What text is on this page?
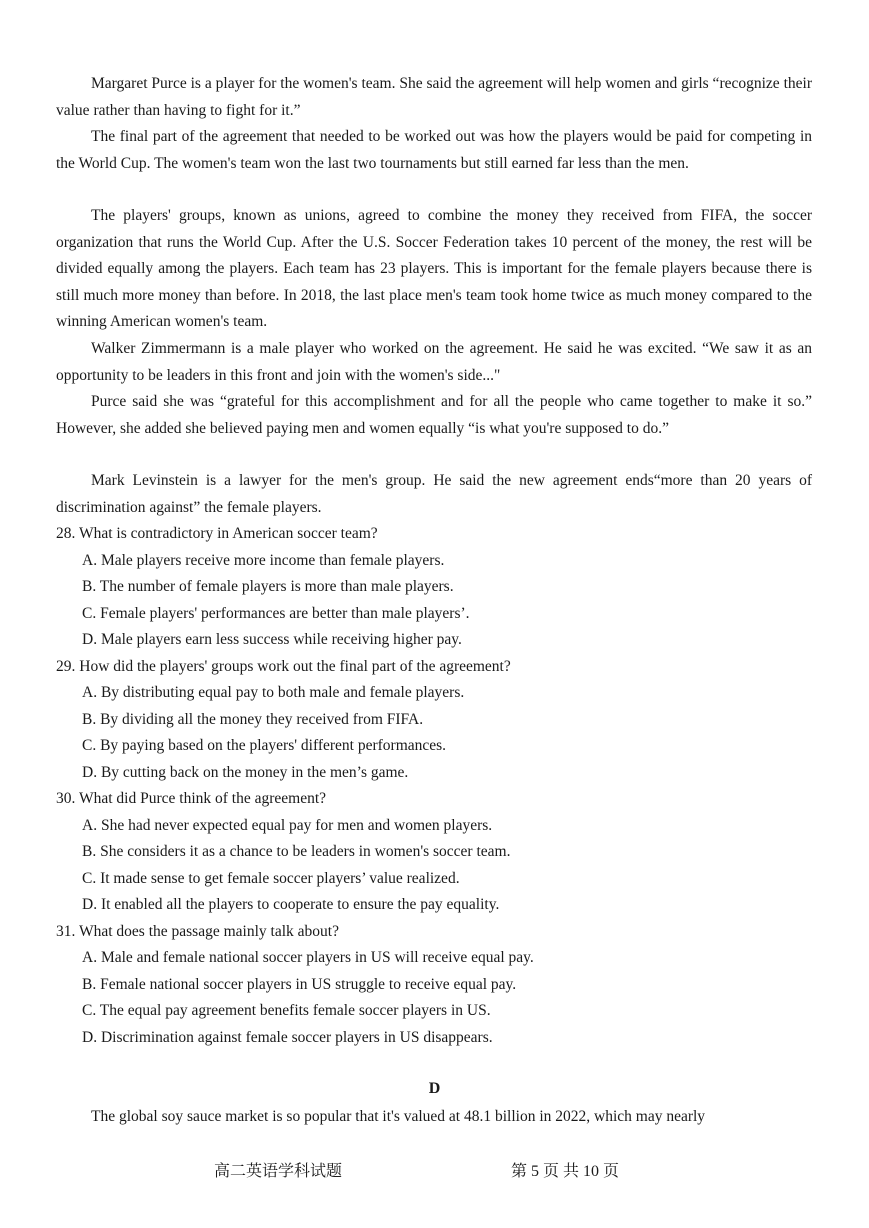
Margaret Purce is a player for the women's team. She said the agreement will help women and girls “recognize their value rather than having to fight for it.”

The final part of the agreement that needed to be worked out was how the players would be paid for competing in the World Cup. The women's team won the last two tournaments but still earned far less than the men.

The players' groups, known as unions, agreed to combine the money they received from FIFA, the soccer organization that runs the World Cup. After the U.S. Soccer Federation takes 10 percent of the money, the rest will be divided equally among the players. Each team has 23 players. This is important for the female players because there is still much more money than before. In 2018, the last place men's team took home twice as much money compared to the winning American women's team.

Walker Zimmermann is a male player who worked on the agreement. He said he was excited. “We saw it as an opportunity to be leaders in this front and join with the women's side..."

Purce said she was “grateful for this accomplishment and for all the people who came together to make it so.” However, she added she believed paying men and women equally “is what you're supposed to do.”

Mark Levinstein is a lawyer for the men's group. He said the new agreement ends“more than 20 years of discrimination against” the female players.

28. What is contradictory in American soccer team?
A. Male players receive more income than female players.
B. The number of female players is more than male players.
C. Female players' performances are better than male players’.
D. Male players earn less success while receiving higher pay.
29. How did the players' groups work out the final part of the agreement?
A. By distributing equal pay to both male and female players.
B. By dividing all the money they received from FIFA.
C. By paying based on the players' different performances.
D. By cutting back on the money in the men’s game.
30. What did Purce think of the agreement?
A. She had never expected equal pay for men and women players.
B. She considers it as a chance to be leaders in women's soccer team.
C. It made sense to get female soccer players’ value realized.
D. It enabled all the players to cooperate to ensure the pay equality.
31. What does the passage mainly talk about?
A. Male and female national soccer players in US will receive equal pay.
B. Female national soccer players in US struggle to receive equal pay.
C. The equal pay agreement benefits female soccer players in US.
D. Discrimination against female soccer players in US disappears.
D

The global soy sauce market is so popular that it's valued at 48.1 billion in 2022, which may nearly

高二英语学科试题	第 5 页 共 10 页
